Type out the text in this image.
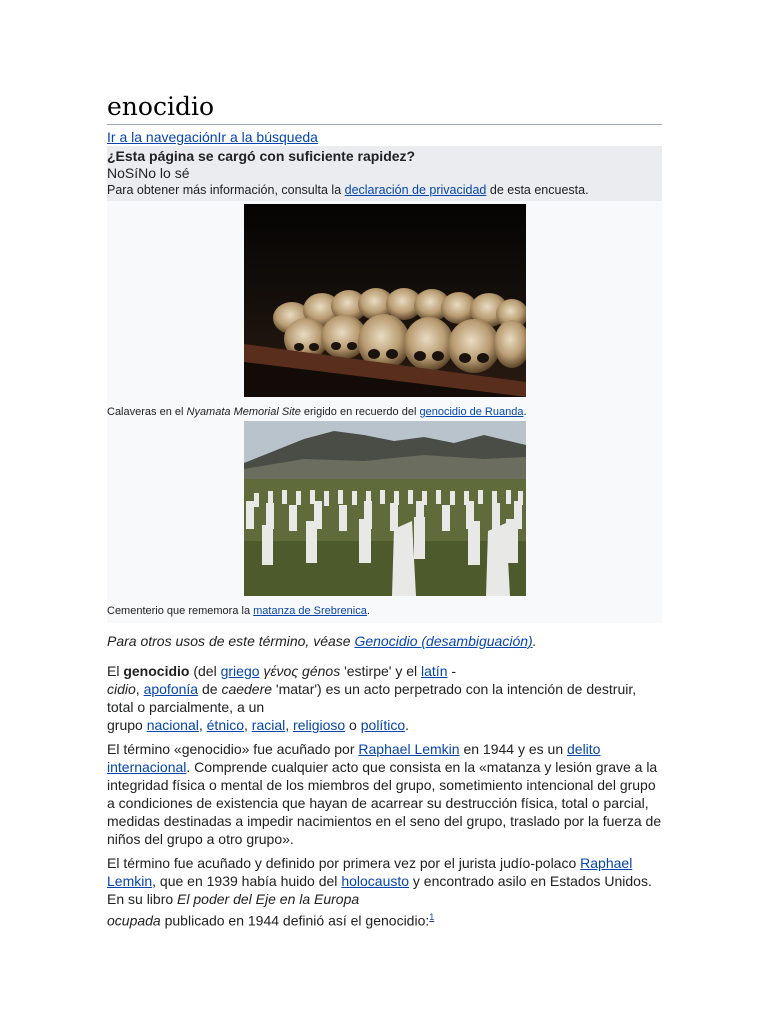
enocidio
Ir a la navegaciónIr a la búsqueda
¿Esta página se cargó con suficiente rapidez?
NoSíNo lo sé
Para obtener más información, consulta la declaración de privacidad de esta encuesta.
Calaveras en el Nyamata Memorial Site erigido en recuerdo del genocidio de Ruanda.
Cementerio que rememora la matanza de Srebrenica.

Para otros usos de este término, véase Genocidio (desambiguación).

El genocidio (del griego γένος génos 'estirpe' y el latín -
cidio, apofonía de caedere 'matar') es un acto perpetrado con la intención de destruir, total o parcialmente, a un
grupo nacional, étnico, racial, religioso o político.

El término «genocidio» fue acuñado por Raphael Lemkin en 1944 y es un delito internacional. Comprende cualquier acto que consista en la «matanza y lesión grave a la integridad física o mental de los miembros del grupo, sometimiento intencional del grupo a condiciones de existencia que hayan de acarrear su destrucción física, total o parcial, medidas destinadas a impedir nacimientos en el seno del grupo, traslado por la fuerza de niños del grupo a otro grupo».

El término fue acuñado y definido por primera vez por el jurista judío-polaco Raphael Lemkin, que en 1939 había huido del holocausto y encontrado asilo en Estados Unidos. En su libro El poder del Eje en la Europa
ocupada publicado en 1944 definió así el genocidio:$^1$
